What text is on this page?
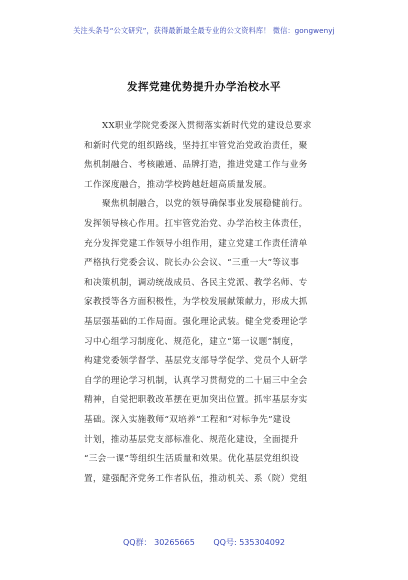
关注头条号“公文研究”，获得最新最全最专业的公文资料库！ 微信：gongwenyj
发挥党建优势提升办学治校水平
XX职业学院党委深入贯彻落实新时代党的建设总要求
和新时代党的组织路线，坚持扛牢管党治党政治责任，聚
焦机制融合、考核融通、品牌打造，推进党建工作与业务
工作深度融合，推动学校跨越赶超高质量发展。
聚焦机制融合，以党的领导确保事业发展稳健前行。
发挥领导核心作用。扛牢管党治党、办学治校主体责任，
充分发挥党建工作领导小组作用，建立党建工作责任清单
严格执行党委会议、院长办公会议、“三重一大”等议事
和决策机制，调动统战成员、各民主党派、教学名师、专
家教授等各方面积极性，为学校发展献策献力，形成大抓
基层强基础的工作局面。强化理论武装。健全党委理论学
习中心组学习制度化、规范化，建立“第一议题”制度，
构建党委领学督学、基层党支部导学促学、党员个人研学
自学的理论学习机制，认真学习贯彻党的二十届三中全会
精神，自觉把职教改革摆在更加突出位置。抓牢基层夯实
基础。深入实施教师“双培养”工程和“对标争先”建设
计划，推动基层党支部标准化、规范化建设，全面提升
“三会一课”等组织生活质量和效果。优化基层党组织设
置，建强配齐党务工作者队伍，推动机关、系（院）党组
QQ群： 30265665 QQ号: 535304092
